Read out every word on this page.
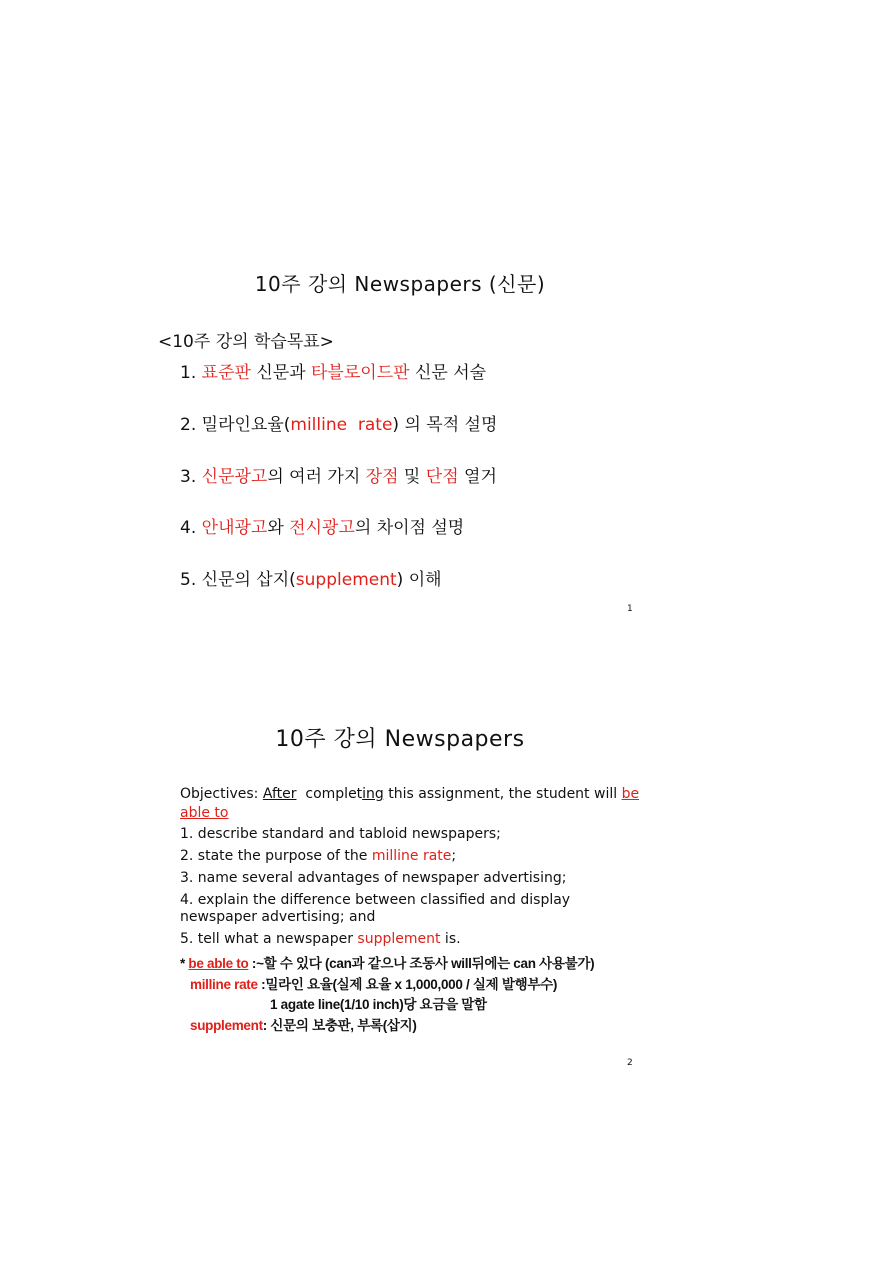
10주 강의 Newspapers (신문)
<10주 강의 학습목표>
1. 표준판 신문과 타블로이드판 신문 서술
2. 밀라인요율(milline  rate) 의 목적 설명
3. 신문광고의 여러 가지 장점 및 단점 열거
4. 안내광고와 전시광고의 차이점 설명
5. 신문의 삽지(supplement) 이해
1
10주 강의 Newspapers
Objectives: After completing this assignment, the student will be able to
1. describe standard and tabloid newspapers;
2. state the purpose of the milline rate;
3. name several advantages of newspaper advertising;
4. explain the difference between classified and display
newspaper advertising; and
5. tell what a newspaper supplement is.
* be able to :~할 수 있다 (can과 같으나 조동사 will뒤에는 can 사용불가)
milline rate :밀라인 요율(실제 요율 x 1,000,000 / 실제 발행부수)
1 agate line(1/10 inch)당 요금을 말함
supplement: 신문의 보충판, 부록(삽지)
2
